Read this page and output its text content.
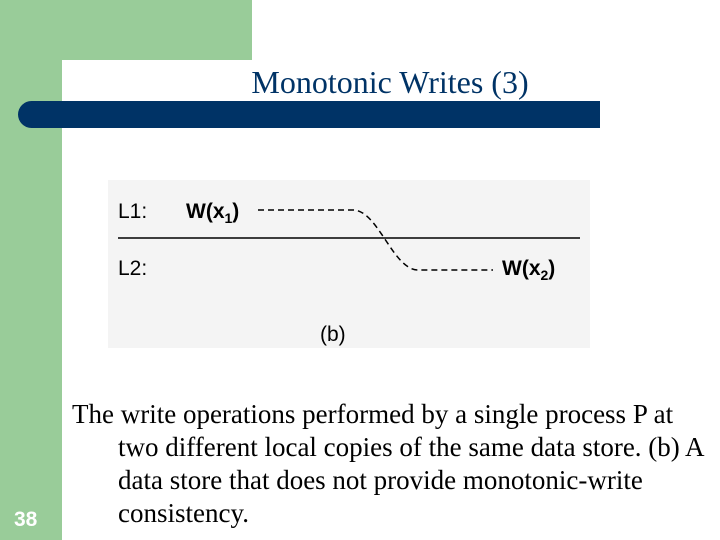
Monotonic Writes (3)
L1:
L2:
$W(x_1)$
$W(x_2)$
(b)
The write operations performed by a single process P at two different local copies of the same data store. (b) A data store that does not provide monotonic-write consistency.
38
